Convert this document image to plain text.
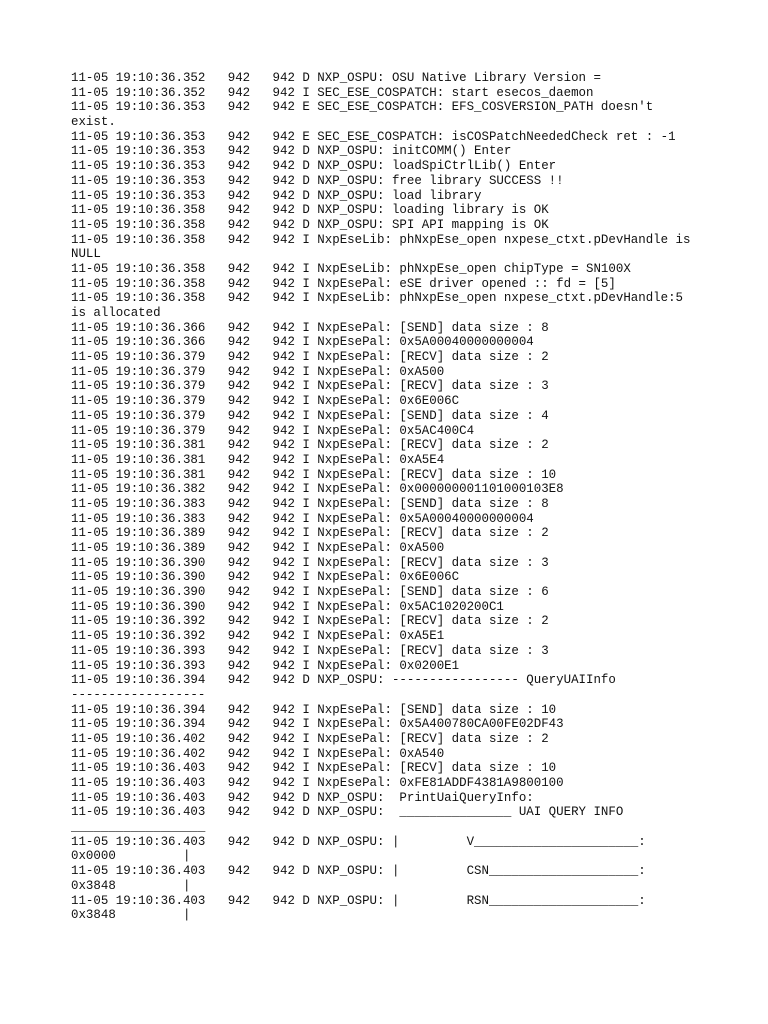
11-05 19:10:36.352   942   942 D NXP_OSPU: OSU Native Library Version =
11-05 19:10:36.352   942   942 I SEC_ESE_COSPATCH: start esecos_daemon
11-05 19:10:36.353   942   942 E SEC_ESE_COSPATCH: EFS_COSVERSION_PATH doesn't
exist.
11-05 19:10:36.353   942   942 E SEC_ESE_COSPATCH: isCOSPatchNeededCheck ret : -1
11-05 19:10:36.353   942   942 D NXP_OSPU: initCOMM() Enter
11-05 19:10:36.353   942   942 D NXP_OSPU: loadSpiCtrlLib() Enter
11-05 19:10:36.353   942   942 D NXP_OSPU: free library SUCCESS !!
11-05 19:10:36.353   942   942 D NXP_OSPU: load library
11-05 19:10:36.358   942   942 D NXP_OSPU: loading library is OK
11-05 19:10:36.358   942   942 D NXP_OSPU: SPI API mapping is OK
11-05 19:10:36.358   942   942 I NxpEseLib: phNxpEse_open nxpese_ctxt.pDevHandle is
NULL
11-05 19:10:36.358   942   942 I NxpEseLib: phNxpEse_open chipType = SN100X
11-05 19:10:36.358   942   942 I NxpEsePal: eSE driver opened :: fd = [5]
11-05 19:10:36.358   942   942 I NxpEseLib: phNxpEse_open nxpese_ctxt.pDevHandle:5
is allocated
11-05 19:10:36.366   942   942 I NxpEsePal: [SEND] data size : 8
11-05 19:10:36.366   942   942 I NxpEsePal: 0x5A00040000000004
11-05 19:10:36.379   942   942 I NxpEsePal: [RECV] data size : 2
11-05 19:10:36.379   942   942 I NxpEsePal: 0xA500
11-05 19:10:36.379   942   942 I NxpEsePal: [RECV] data size : 3
11-05 19:10:36.379   942   942 I NxpEsePal: 0x6E006C
11-05 19:10:36.379   942   942 I NxpEsePal: [SEND] data size : 4
11-05 19:10:36.379   942   942 I NxpEsePal: 0x5AC400C4
11-05 19:10:36.381   942   942 I NxpEsePal: [RECV] data size : 2
11-05 19:10:36.381   942   942 I NxpEsePal: 0xA5E4
11-05 19:10:36.381   942   942 I NxpEsePal: [RECV] data size : 10
11-05 19:10:36.382   942   942 I NxpEsePal: 0x000000001101000103E8
11-05 19:10:36.383   942   942 I NxpEsePal: [SEND] data size : 8
11-05 19:10:36.383   942   942 I NxpEsePal: 0x5A00040000000004
11-05 19:10:36.389   942   942 I NxpEsePal: [RECV] data size : 2
11-05 19:10:36.389   942   942 I NxpEsePal: 0xA500
11-05 19:10:36.390   942   942 I NxpEsePal: [RECV] data size : 3
11-05 19:10:36.390   942   942 I NxpEsePal: 0x6E006C
11-05 19:10:36.390   942   942 I NxpEsePal: [SEND] data size : 6
11-05 19:10:36.390   942   942 I NxpEsePal: 0x5AC1020200C1
11-05 19:10:36.392   942   942 I NxpEsePal: [RECV] data size : 2
11-05 19:10:36.392   942   942 I NxpEsePal: 0xA5E1
11-05 19:10:36.393   942   942 I NxpEsePal: [RECV] data size : 3
11-05 19:10:36.393   942   942 I NxpEsePal: 0x0200E1
11-05 19:10:36.394   942   942 D NXP_OSPU: ----------------- QueryUAIInfo
------------------
11-05 19:10:36.394   942   942 I NxpEsePal: [SEND] data size : 10
11-05 19:10:36.394   942   942 I NxpEsePal: 0x5A400780CA00FE02DF43
11-05 19:10:36.402   942   942 I NxpEsePal: [RECV] data size : 2
11-05 19:10:36.402   942   942 I NxpEsePal: 0xA540
11-05 19:10:36.403   942   942 I NxpEsePal: [RECV] data size : 10
11-05 19:10:36.403   942   942 I NxpEsePal: 0xFE81ADDF4381A9800100
11-05 19:10:36.403   942   942 D NXP_OSPU:  PrintUaiQueryInfo:
11-05 19:10:36.403   942   942 D NXP_OSPU:  _______________ UAI QUERY INFO
__________________
11-05 19:10:36.403   942   942 D NXP_OSPU: |         V______________________:
0x0000         |
11-05 19:10:36.403   942   942 D NXP_OSPU: |         CSN____________________:
0x3848         |
11-05 19:10:36.403   942   942 D NXP_OSPU: |         RSN____________________:
0x3848         |
